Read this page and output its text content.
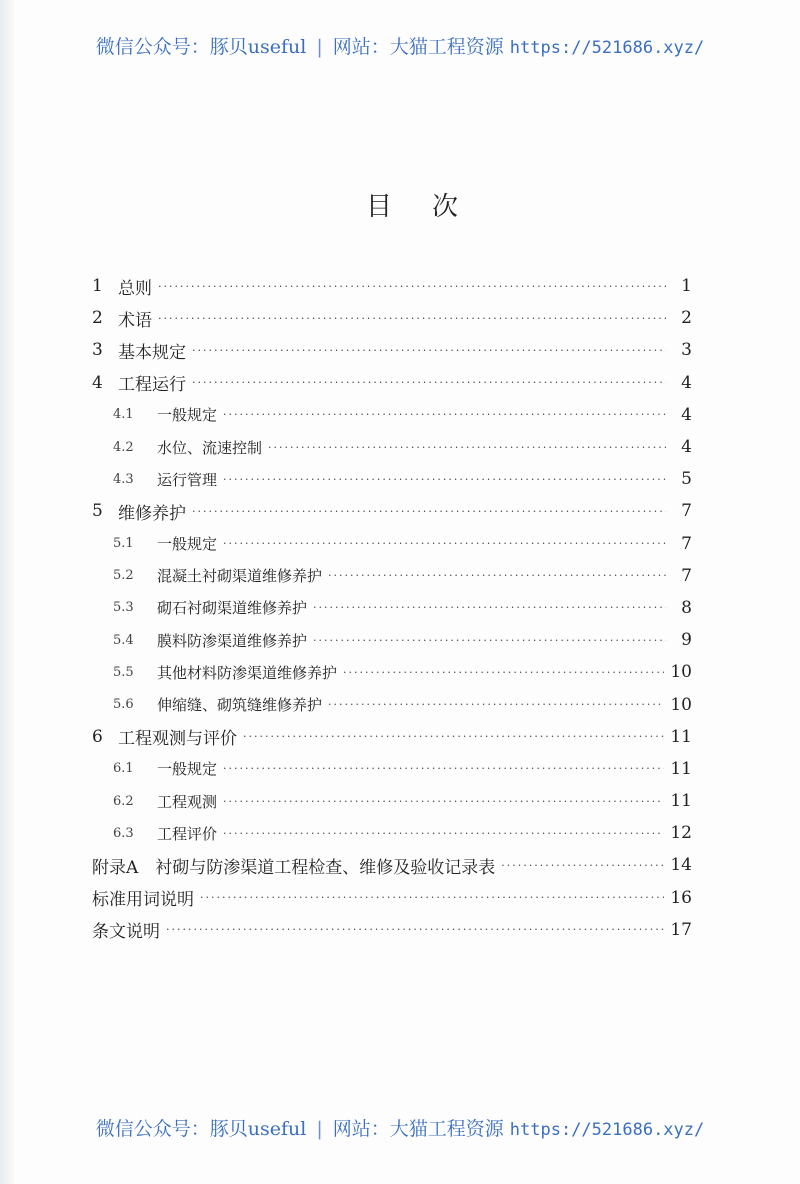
微信公众号：豚贝useful | 网站：大猫工程资源 https://521686.xyz/
目次
1 总则 ·····	1
2 术语 ·····	2
3 基本规定 ·····	3
4 工程运行 ·····	4
4.1	一般规定 ·····	4
4.2	水位、流速控制 ·····	4
4.3	运行管理 ·····	5
5 维修养护 ·····	7
5.1	一般规定 ·····	7
5.2	混凝土衬砌渠道维修养护 ·····	7
5.3	砌石衬砌渠道维修养护 ·····	8
5.4	膜料防渗渠道维修养护 ·····	9
5.5	其他材料防渗渠道维修养护 ·····	10
5.6	伸缩缝、砌筑缝维修养护 ·····	10
6 工程观测与评价 ·····	11
6.1	一般规定 ·····	11
6.2	工程观测 ·····	11
6.3	工程评价 ·····	12
附录A　衬砌与防渗渠道工程检查、维修及验收记录表 ·····	14
标准用词说明 ·····	16
条文说明 ·····	17
微信公众号：豚贝useful | 网站：大猫工程资源 https://521686.xyz/
